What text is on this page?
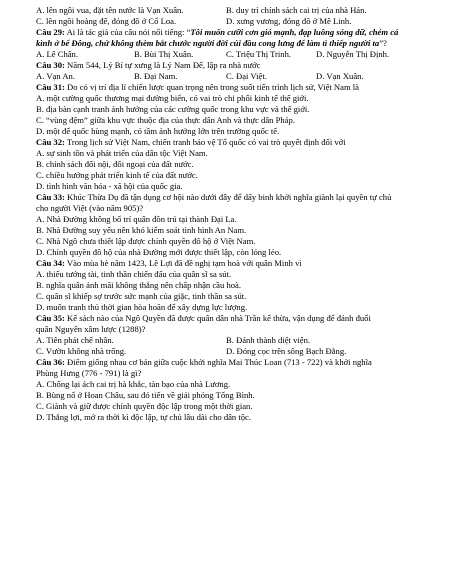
A. lên ngôi vua, đặt tên nước là Vạn Xuân.	B. duy trì chính sách cai trị của nhà Hán.
C. lên ngôi hoàng đế, đóng đô ở Cổ Loa.	D. xưng vương, đóng đô ở Mê Linh.
Câu 29: Ai là tác giả của câu nói nổi tiếng: “Tôi muốn cưỡi cơn gió mạnh, đạp luồng sóng dữ, chém cá
kình ở bể Đông, chứ không thèm bắt chước người đời cúi đầu cong lưng để làm tì thiếp người ta”?
A. Lê Chân.	B. Bùi Thị Xuân.	C. Triệu Thị Trinh.	D. Nguyễn Thị Định.
Câu 30: Năm 544, Lý Bí tự xưng là Lý Nam Đế, lập ra nhà nước
A. Vạn An.	B. Đại Nam.	C. Đại Việt.	D. Vạn Xuân.
Câu 31: Do có vị trí địa lí chiến lược quan trọng nên trong suốt tiến trình lịch sử, Việt Nam là
A. một cường quốc thương mại đường biển, có vai trò chi phối kinh tế thế giới.
B. địa bàn cạnh tranh ảnh hưởng của các cường quốc trong khu vực và thế giới.
C. “vùng đệm” giữa khu vực thuộc địa của thực dân Anh và thực dân Pháp.
D. một đế quốc hùng mạnh, có tầm ảnh hưởng lớn trên trường quốc tế.
Câu 32: Trong lịch sử Việt Nam, chiến tranh bảo vệ Tổ quốc có vai trò quyết định đối với
A. sự sinh tồn và phát triển của dân tộc Việt Nam.
B. chính sách đối nội, đối ngoại của đất nước.
C. chiều hướng phát triển kinh tế của đất nước.
D. tình hình văn hóa - xã hội của quốc gia.
Câu 33: Khúc Thừa Dụ đã tận dụng cơ hội nào dưới đây để dấy binh khởi nghĩa giành lại quyền tự chủ
cho người Việt (vào năm 905)?
A. Nhà Đường không bổ trí quân đồn trú tại thành Đại La.
B. Nhà Đường suy yếu nên khó kiểm soát tình hình An Nam.
C. Nhà Ngô chưa thiết lập được chính quyền đô hộ ở Việt Nam.
D. Chính quyền đô hộ của nhà Đường mới được thiết lập, còn lỏng lẻo.
Câu 34: Vào mùa hè năm 1423, Lê Lợi đã đề nghị tạm hoà với quân Minh vì
A. thiếu tướng tài, tinh thần chiến đấu của quân sĩ sa sút.
B. nghĩa quân ảnh mãi không thắng nên chấp nhận cầu hoà.
C. quân sĩ khiếp sợ trước sức mạnh của giặc, tinh thần sa sút.
D. muốn tranh thủ thời gian hòa hoãn để xây dựng lực lượng.
Câu 35: Kế sách nào của Ngô Quyền đã được quân dân nhà Trần kế thừa, vận dụng để đánh đuổi
quân Nguyên xâm lược (1288)?
A. Tiên phát chế nhân.	B. Đánh thành diệt viện.
C. Vườn không nhà trống.	D. Đóng cọc trên sông Bạch Đằng.
Câu 36: Điểm giống nhau cơ bản giữa cuộc khởi nghĩa Mai Thúc Loan (713 - 722) và khởi nghĩa
Phùng Hưng (776 - 791) là gì?
A. Chống lại ách cai trị hà khắc, tàn bạo của nhà Lương.
B. Bùng nổ ở Hoan Châu, sau đó tiến về giải phóng Tống Bình.
C. Giành và giữ được chính quyền độc lập trong một thời gian.
D. Thắng lợi, mở ra thời kì độc lập, tự chủ lâu dài cho dân tộc.
